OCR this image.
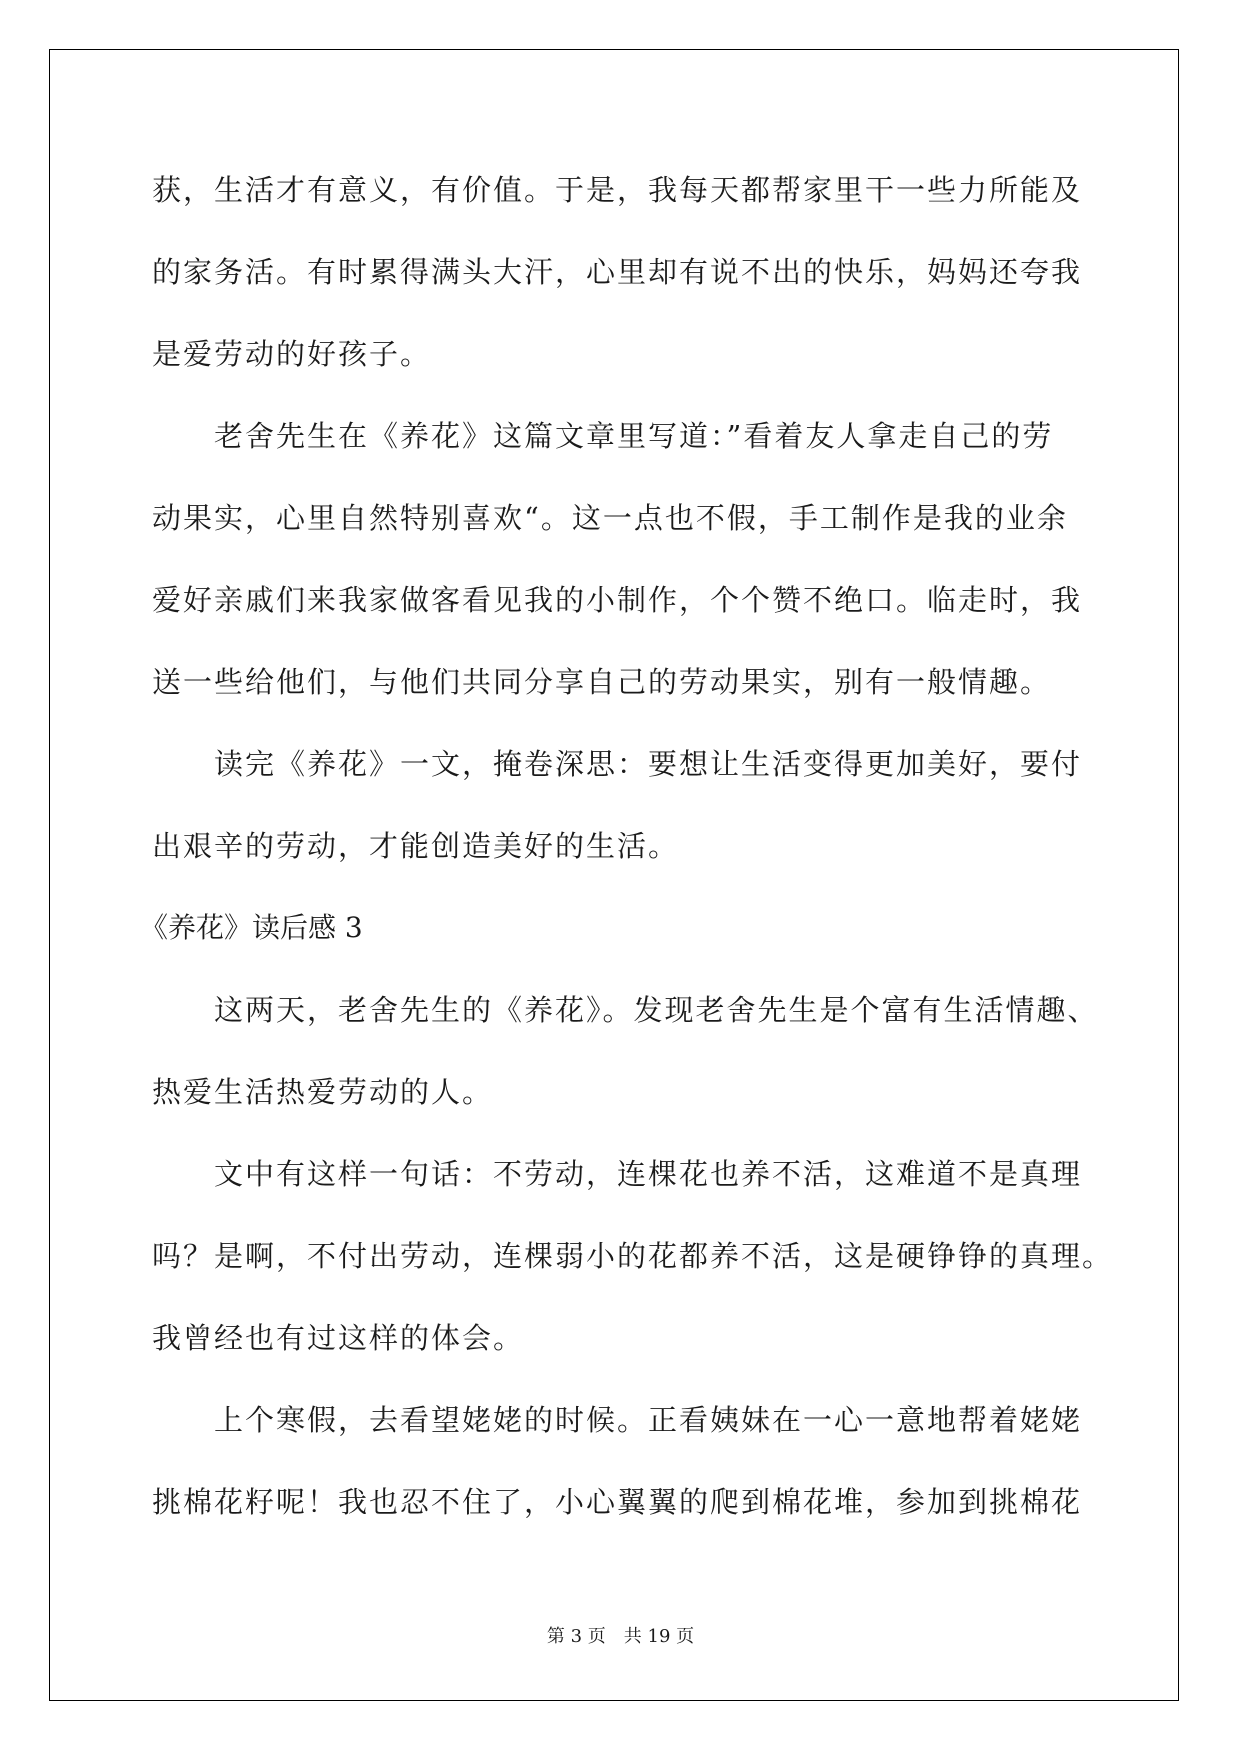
获，生活才有意义，有价值。于是，我每天都帮家里干一些力所能及
的家务活。有时累得满头大汗，心里却有说不出的快乐，妈妈还夸我
是爱劳动的好孩子。
老舍先生在《养花》这篇文章里写道：”看着友人拿走自己的劳
动果实，心里自然特别喜欢“。这一点也不假，手工制作是我的业余
爱好亲戚们来我家做客看见我的小制作，个个赞不绝口。临走时，我
送一些给他们，与他们共同分享自己的劳动果实，别有一般情趣。
读完《养花》一文，掩卷深思：要想让生活变得更加美好，要付
出艰辛的劳动，才能创造美好的生活。
《养花》读后感 3
这两天，老舍先生的《养花》。发现老舍先生是个富有生活情趣、
热爱生活热爱劳动的人。
文中有这样一句话：不劳动，连棵花也养不活，这难道不是真理
吗？是啊，不付出劳动，连棵弱小的花都养不活，这是硬铮铮的真理。
我曾经也有过这样的体会。
上个寒假，去看望姥姥的时候。正看姨妹在一心一意地帮着姥姥
挑棉花籽呢！我也忍不住了，小心翼翼的爬到棉花堆，参加到挑棉花
第 3 页　共 19 页
